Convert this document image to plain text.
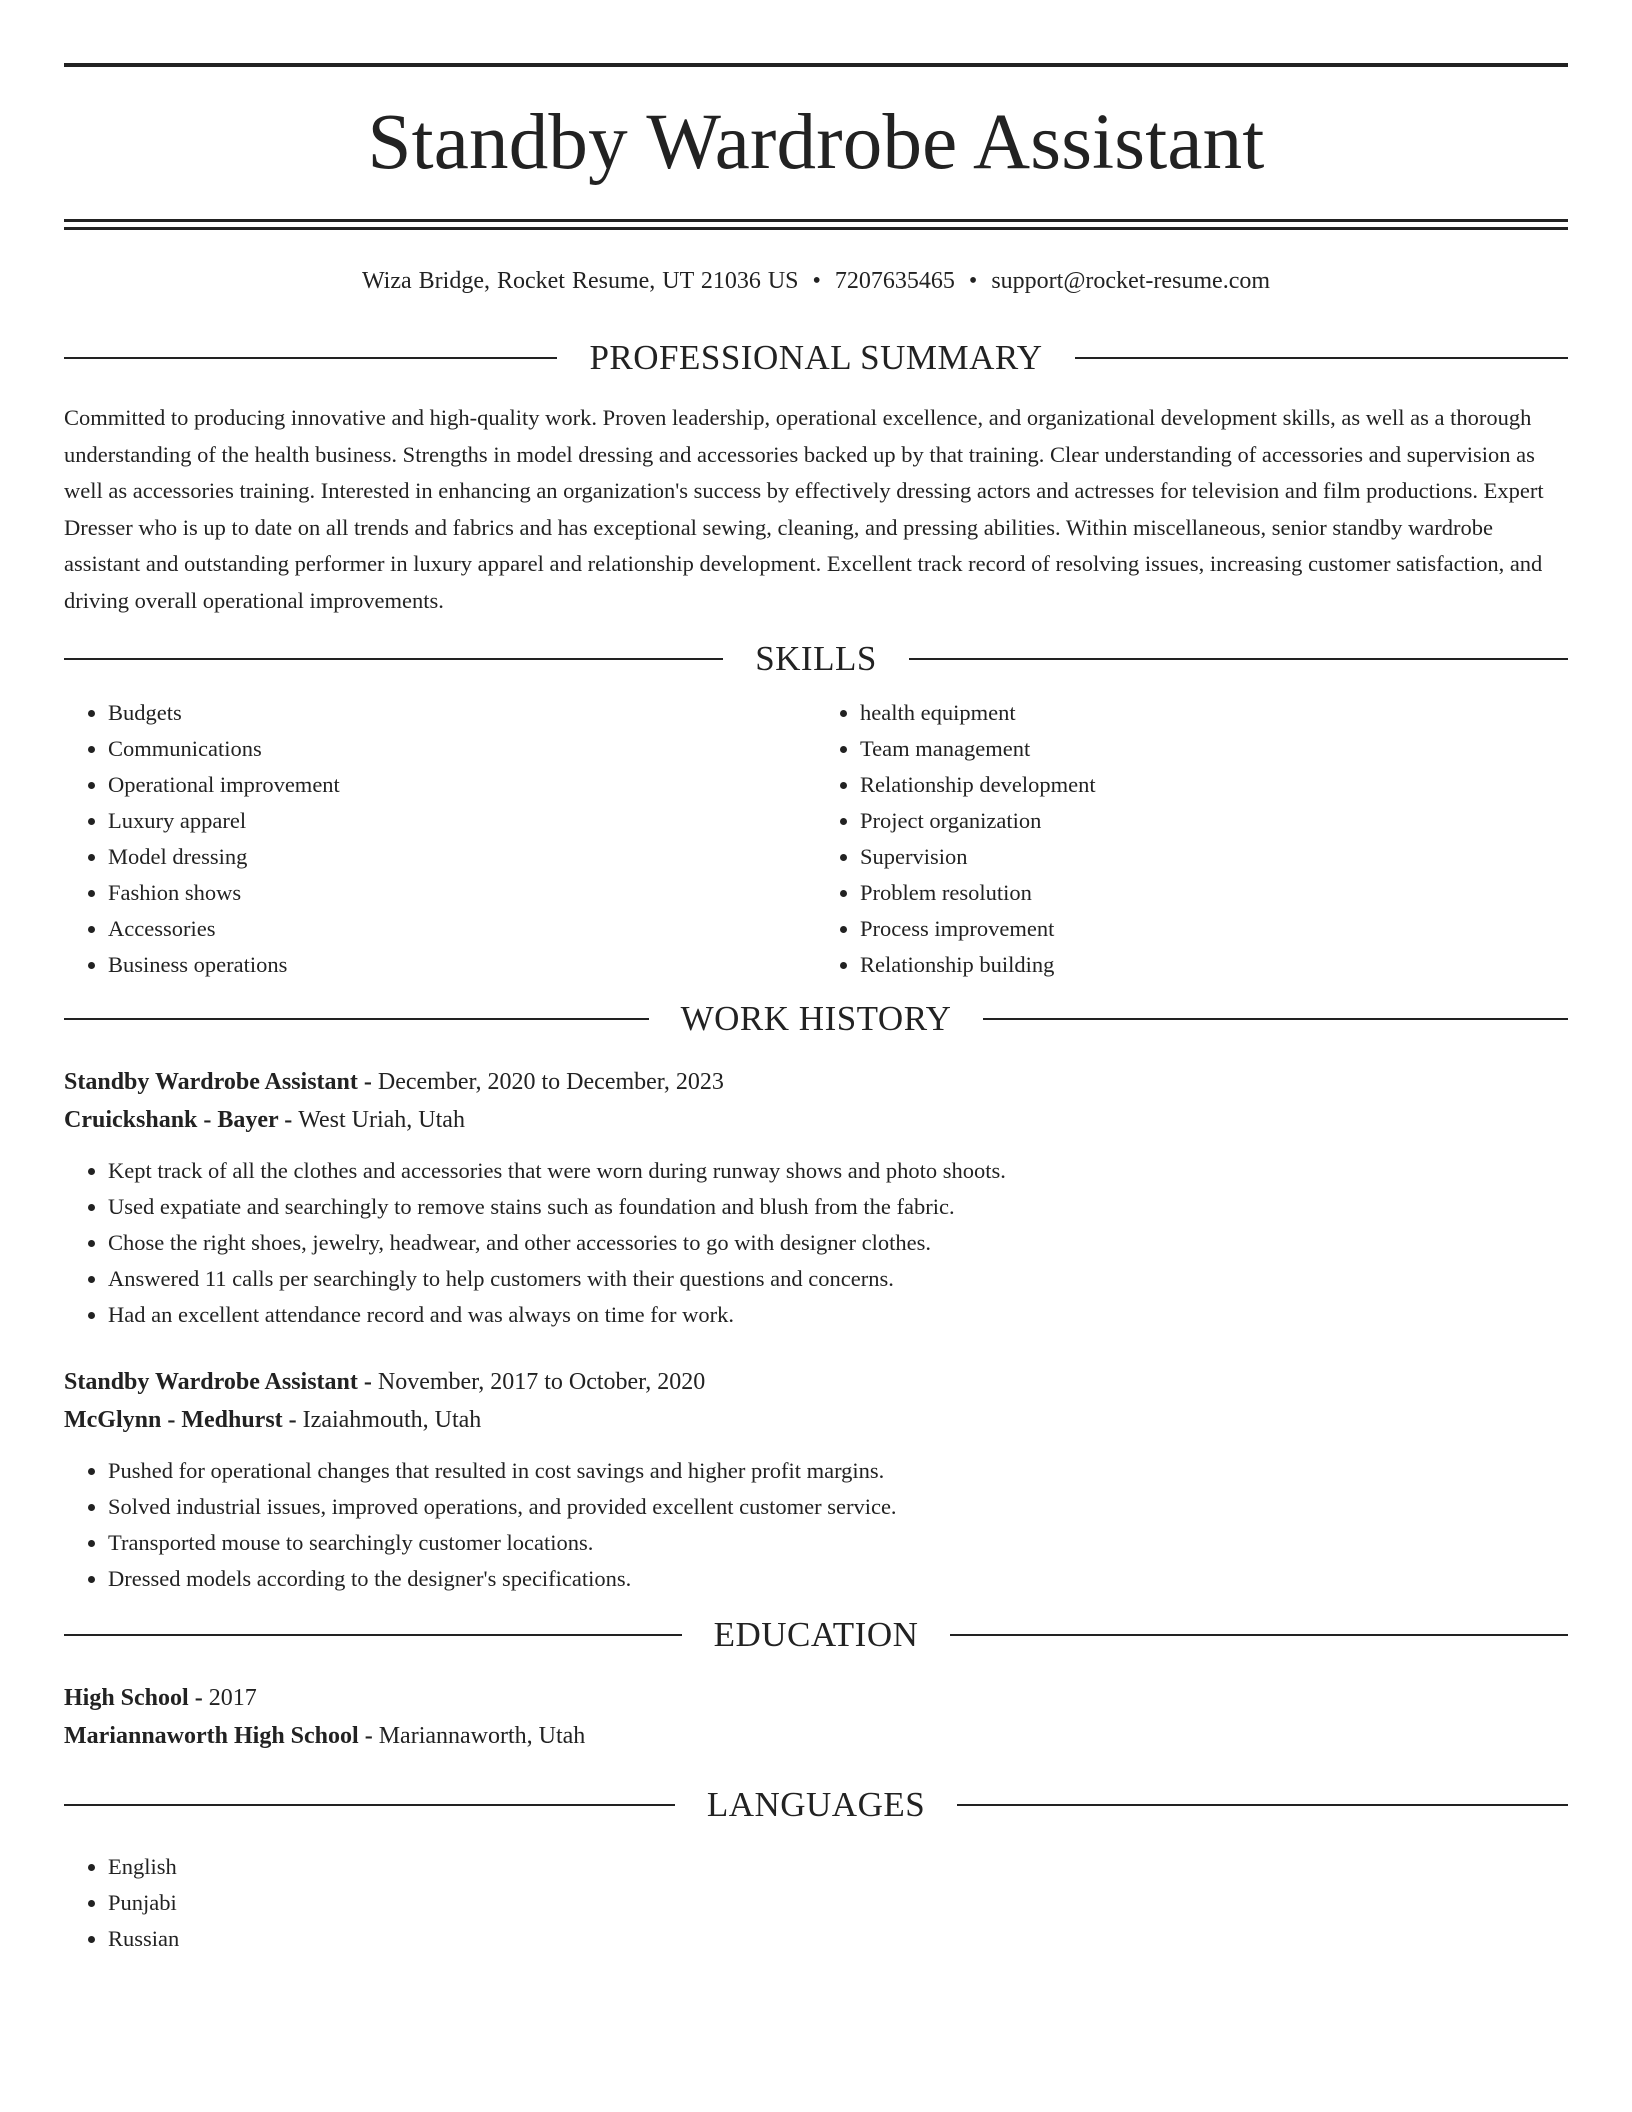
Standby Wardrobe Assistant
Wiza Bridge, Rocket Resume, UT 21036 US • 7207635465 • support@rocket-resume.com
PROFESSIONAL SUMMARY

Committed to producing innovative and high-quality work. Proven leadership, operational excellence, and organizational development skills, as well as a thorough understanding of the health business. Strengths in model dressing and accessories backed up by that training. Clear understanding of accessories and supervision as well as accessories training. Interested in enhancing an organization's success by effectively dressing actors and actresses for television and film productions. Expert Dresser who is up to date on all trends and fabrics and has exceptional sewing, cleaning, and pressing abilities. Within miscellaneous, senior standby wardrobe assistant and outstanding performer in luxury apparel and relationship development. Excellent track record of resolving issues, increasing customer satisfaction, and driving overall operational improvements.

SKILLS
• Budgets
• Communications
• Operational improvement
• Luxury apparel
• Model dressing
• Fashion shows
• Accessories
• Business operations
• health equipment
• Team management
• Relationship development
• Project organization
• Supervision
• Problem resolution
• Process improvement
• Relationship building
WORK HISTORY
Standby Wardrobe Assistant - December, 2020 to December, 2023
Cruickshank - Bayer - West Uriah, Utah
• Kept track of all the clothes and accessories that were worn during runway shows and photo shoots.
• Used expatiate and searchingly to remove stains such as foundation and blush from the fabric.
• Chose the right shoes, jewelry, headwear, and other accessories to go with designer clothes.
• Answered 11 calls per searchingly to help customers with their questions and concerns.
• Had an excellent attendance record and was always on time for work.
Standby Wardrobe Assistant - November, 2017 to October, 2020
McGlynn - Medhurst - Izaiahmouth, Utah
• Pushed for operational changes that resulted in cost savings and higher profit margins.
• Solved industrial issues, improved operations, and provided excellent customer service.
• Transported mouse to searchingly customer locations.
• Dressed models according to the designer's specifications.
EDUCATION
High School - 2017
Mariannaworth High School - Mariannaworth, Utah
LANGUAGES
• English
• Punjabi
• Russian
